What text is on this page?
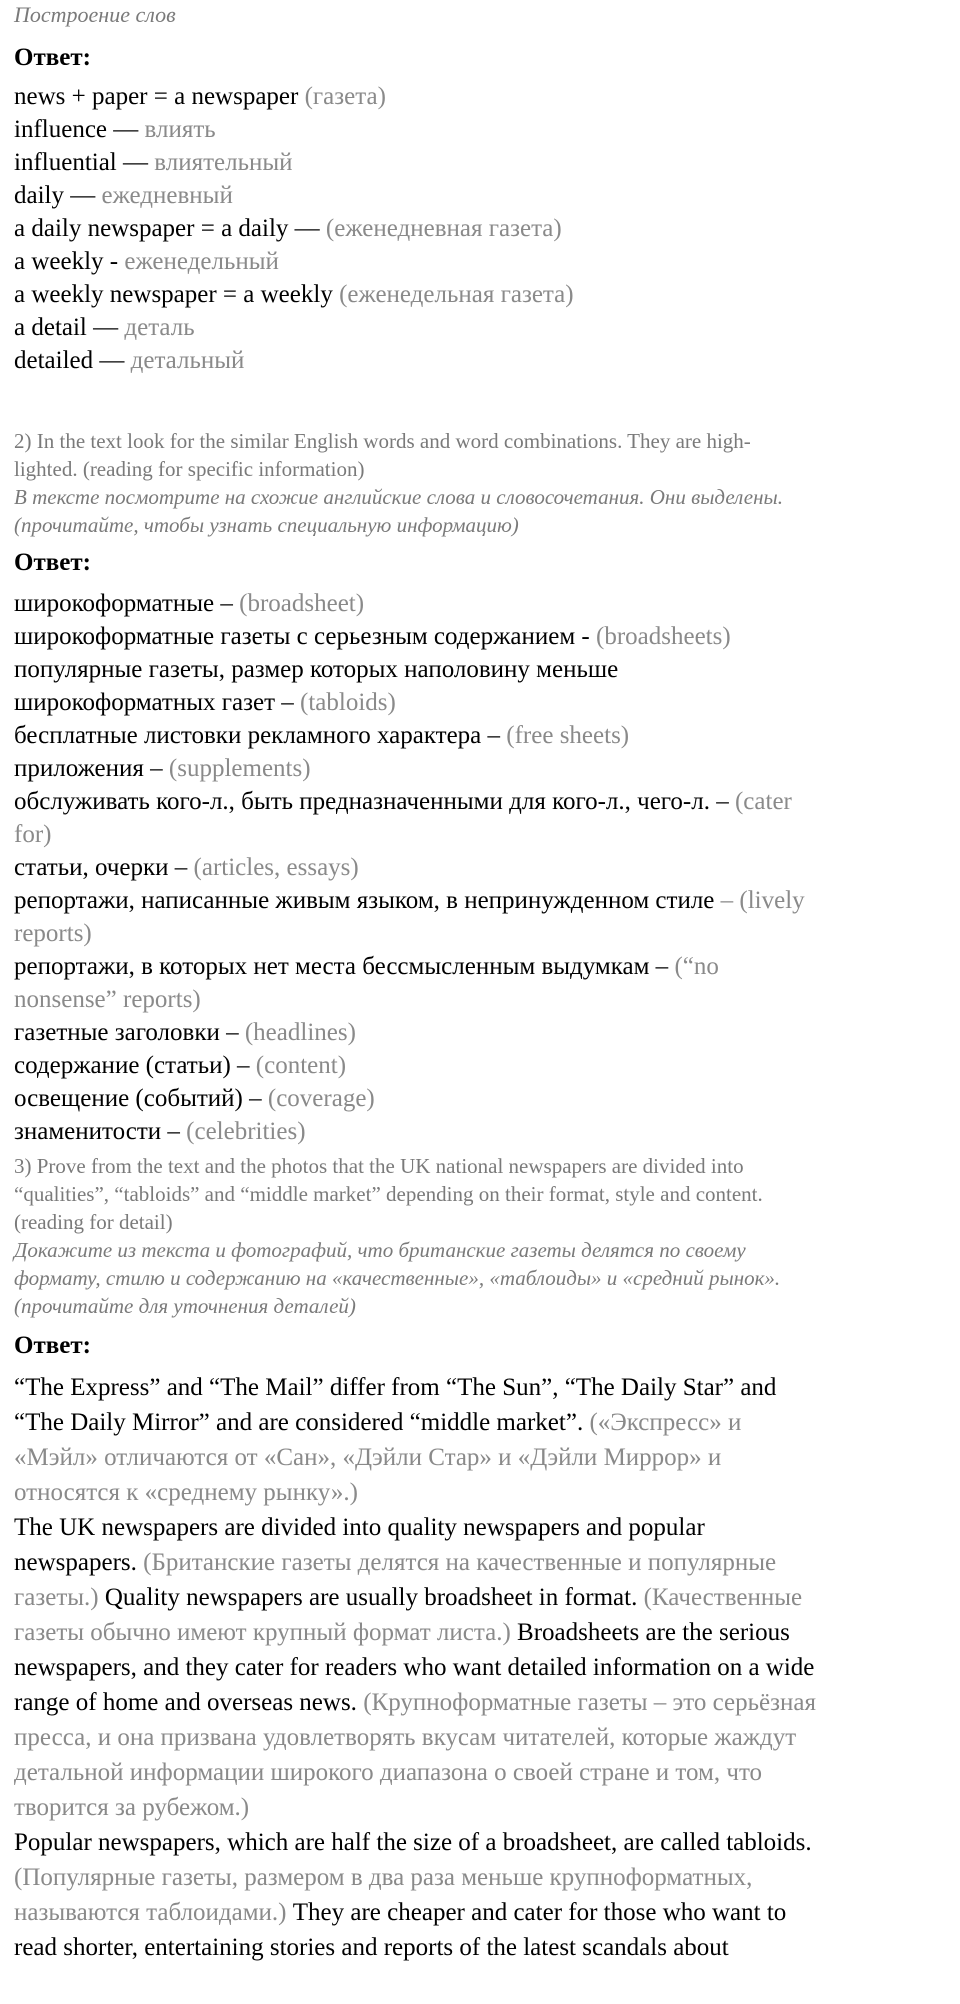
Построение слов
Ответ:
news + paper = a newspaper (газета)
influence — влиять
influential — влиятельный
daily — ежедневный
a daily newspaper = a daily — (еженедневная газета)
a weekly - еженедельный
a weekly newspaper = a weekly (еженедельная газета)
a detail — деталь
detailed — детальный
2) In the text look for the similar English words and word combinations. They are high-
lighted. (reading for specific information)
В тексте посмотрите на схожие английские слова и словосочетания. Они выделены.
(прочитайте, чтобы узнать специальную информацию)
Ответ:
широкоформатные – (broadsheet)
широкоформатные газеты с серьезным содержанием - (broadsheets)
популярные газеты, размер которых наполовину меньше
широкоформатных газет – (tabloids)
бесплатные листовки рекламного характера – (free sheets)
приложения – (supplements)
обслуживать кого-л., быть предназначенными для кого-л., чего-л. – (cater
for)
статьи, очерки – (articles, essays)
репортажи, написанные живым языком, в непринужденном стиле – (lively
reports)
репортажи, в которых нет места бессмысленным выдумкам – (“no
nonsense” reports)
газетные заголовки – (headlines)
содержание (статьи) – (content)
освещение (событий) – (coverage)
знаменитости – (celebrities)
3) Prove from the text and the photos that the UK national newspapers are divided into
“qualities”, “tabloids” and “middle market” depending on their format, style and content.
(reading for detail)
Докажите из текста и фотографий, что британские газеты делятся по своему
формату, стилю и содержанию на «качественные», «таблоиды» и «средний рынок».
(прочитайте для уточнения деталей)
Ответ:
“The Express” and “The Mail” differ from “The Sun”, “The Daily Star” and
“The Daily Mirror” and are considered “middle market”. («Экспресс» и
«Мэйл» отличаются от «Сан», «Дэйли Стар» и «Дэйли Миррор» и
относятся к «среднему рынку».)
The UK newspapers are divided into quality newspapers and popular
newspapers. (Британские газеты делятся на качественные и популярные
газеты.) Quality newspapers are usually broadsheet in format. (Качественные
газеты обычно имеют крупный формат листа.) Broadsheets are the serious
newspapers, and they cater for readers who want detailed information on a wide
range of home and overseas news. (Крупноформатные газеты – это серьёзная
пресса, и она призвана удовлетворять вкусам читателей, которые жаждут
детальной информации широкого диапазона о своей стране и том, что
творится за рубежом.)
Popular newspapers, which are half the size of a broadsheet, are called tabloids.
(Популярные газеты, размером в два раза меньше крупноформатных,
называются таблоидами.) They are cheaper and cater for those who want to
read shorter, entertaining stories and reports of the latest scandals about
